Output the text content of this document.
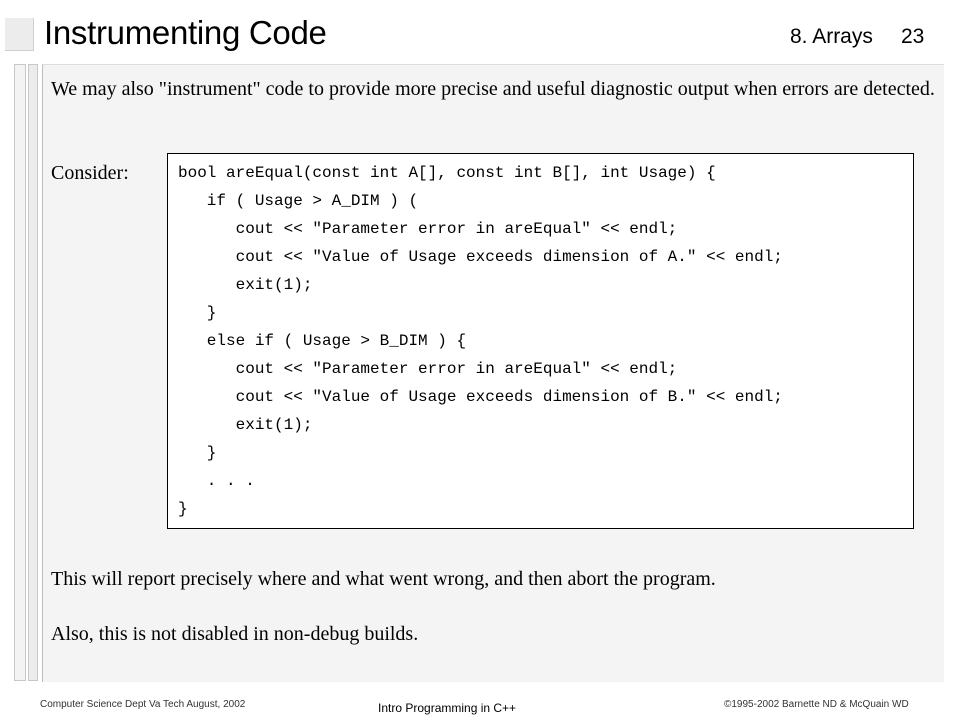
Instrumenting Code	8. Arrays 23
We may also "instrument" code to provide more precise and useful diagnostic output when errors are detected.
Consider:	bool areEqual(const int A[], const int B[], int Usage) {
if ( Usage > A_DIM ) (
cout << "Parameter error in areEqual" << endl;
cout << "Value of Usage exceeds dimension of A." << endl;
exit(1);
}
else if ( Usage > B_DIM ) {
cout << "Parameter error in areEqual" << endl;
cout << "Value of Usage exceeds dimension of B." << endl;
exit(1);
}
. . .
}
This will report precisely where and what went wrong, and then abort the program.
Also, this is not disabled in non-debug builds.
Computer Science Dept Va Tech August, 2002	Intro Programming in C++	©1995-2002 Barnette ND & McQuain WD
